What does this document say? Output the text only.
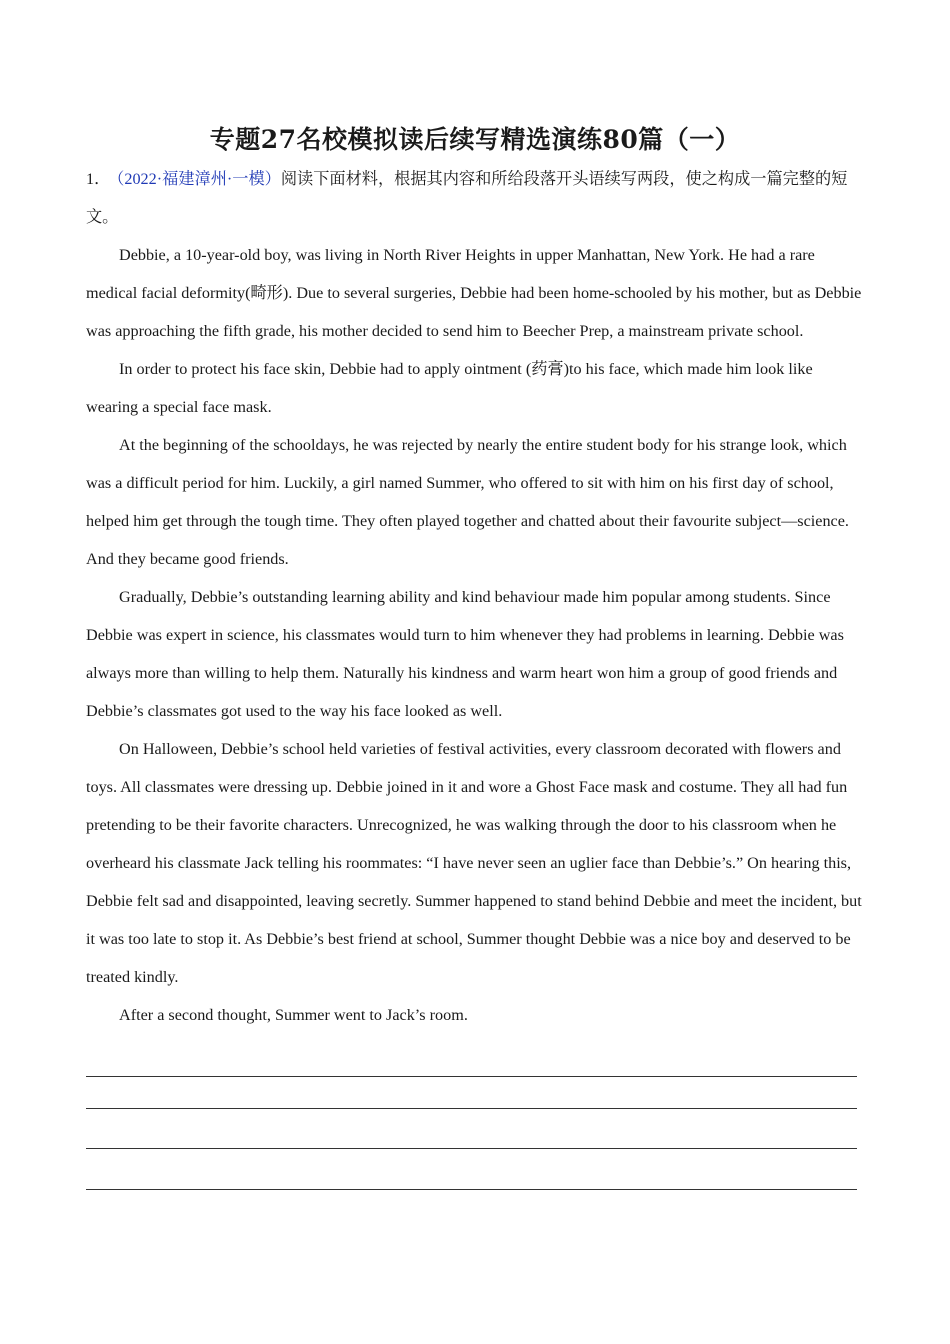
专题27名校模拟读后续写精选演练80篇（一）

1． （2022·福建漳州·一模）阅读下面材料，根据其内容和所给段落开头语续写两段，使之构成一篇完整的短文。

Debbie, a 10-year-old boy, was living in North River Heights in upper Manhattan, New York. He had a rare medical facial deformity(畸形). Due to several surgeries, Debbie had been home-schooled by his mother, but as Debbie was approaching the fifth grade, his mother decided to send him to Beecher Prep, a mainstream private school.

In order to protect his face skin, Debbie had to apply ointment (药膏)to his face, which made him look like wearing a special face mask.

At the beginning of the schooldays, he was rejected by nearly the entire student body for his strange look, which was a difficult period for him. Luckily, a girl named Summer, who offered to sit with him on his first day of school, helped him get through the tough time. They often played together and chatted about their favourite subject—science. And they became good friends.

Gradually, Debbie’s outstanding learning ability and kind behaviour made him popular among students. Since Debbie was expert in science, his classmates would turn to him whenever they had problems in learning. Debbie was always more than willing to help them. Naturally his kindness and warm heart won him a group of good friends and Debbie’s classmates got used to the way his face looked as well.

On Halloween, Debbie’s school held varieties of festival activities, every classroom decorated with flowers and toys. All classmates were dressing up. Debbie joined in it and wore a Ghost Face mask and costume. They all had fun pretending to be their favorite characters. Unrecognized, he was walking through the door to his classroom when he overheard his classmate Jack telling his roommates: “I have never seen an uglier face than Debbie’s.” On hearing this, Debbie felt sad and disappointed, leaving secretly. Summer happened to stand behind Debbie and meet the incident, but it was too late to stop it. As Debbie’s best friend at school, Summer thought Debbie was a nice boy and deserved to be treated kindly.

After a second thought, Summer went to Jack’s room.
